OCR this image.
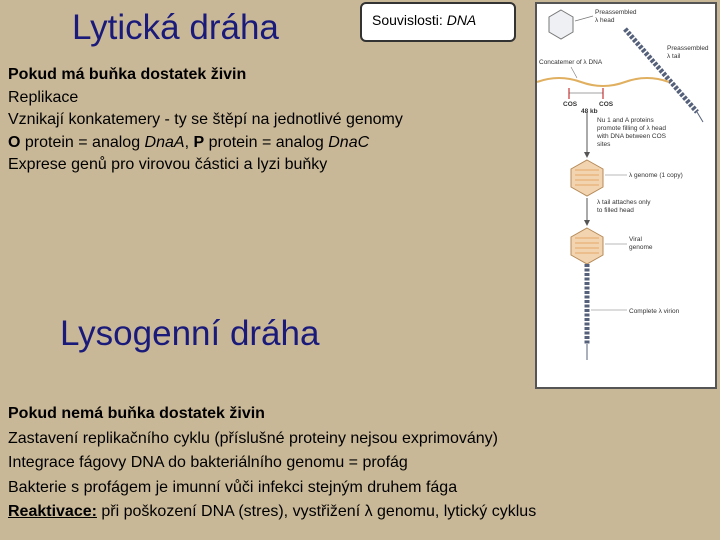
Lytická dráha	Souvislosti: DNA
Pokud má buňka dostatek živin
Replikace
Vznikají konkatemery - ty se štěpí na jednotlivé genomy
O protein = analog DnaA, P protein = analog DnaC
Exprese genů pro virovou částici a lyzi buňky
Preassembled
λ head
Preassembled
λ tail
Concatemer of λ DNA
COS	COS
48 kb
Nu 1 and A proteins
promote filling of λ head
with DNA between COS
sites
λ genome (1 copy)
λ tail attaches only
to filled head
Viral
genome
Complete λ virion
Lysogenní dráha
Pokud nemá buňka dostatek živin
Zastavení replikačního cyklu (příslušné proteiny nejsou exprimovány)
Integrace fágovy DNA do bakteriálního genomu = profág
Bakterie s profágem je imunní vůči infekci stejným druhem fága
Reaktivace: při poškození DNA (stres), vystřižení λ genomu, lytický cyklus
